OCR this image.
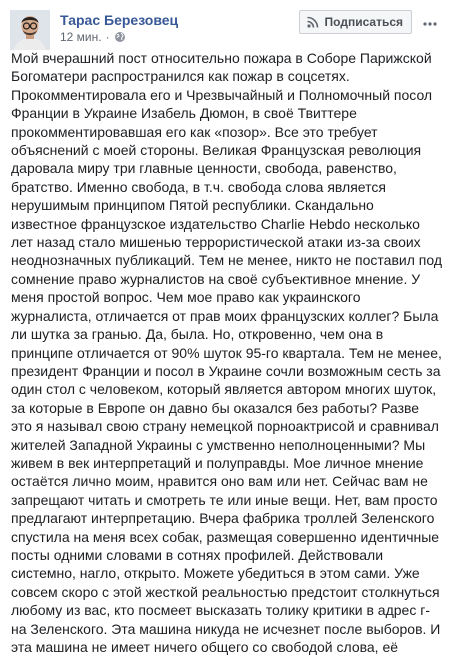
Тарас Березовец
12 мин. ·
Подписаться
Мой вчерашний пост относительно пожара в Соборе Парижской Богоматери распространился как пожар в соцсетях. Прокомментировала его и Чрезвычайный и Полномочный посол Франции в Украине Изабель Дюмон, в своё Твиттере прокомментировавшая его как «позор». Все это требует объяснений с моей стороны. Великая Французская революция даровала миру три главные ценности, свобода, равенство, братство. Именно свобода, в т.ч. свобода слова является нерушимым принципом Пятой республики. Скандально известное французское издательство Charlie Hebdo несколько лет назад стало мишенью террористической атаки из-за своих неоднозначных публикаций. Тем не менее, никто не поставил под сомнение право журналистов на своё субъективное мнение. У меня простой вопрос. Чем мое право как украинского журналиста, отличается от прав моих французских коллег? Была ли шутка за гранью. Да, была. Но, откровенно, чем она в принципе отличается от 90% шуток 95-го квартала. Тем не менее, президент Франции и посол в Украине сочли возможным сесть за один стол с человеком, который является автором многих шуток, за которые в Европе он давно бы оказался без работы? Разве это я называл свою страну немецкой порноактрисой и сравнивал жителей Западной Украины с умственно неполноценными? Мы живем в век интерпретаций и полуправды. Мое личное мнение остаётся лично моим, нравится оно вам или нет. Сейчас вам не запрещают читать и смотреть те или иные вещи. Нет, вам просто предлагают интерпретацию. Вчера фабрика троллей Зеленского спустила на меня всех собак, размещая совершенно идентичные посты одними словами в сотнях профилей. Действовали системно, нагло, открыто. Можете убедиться в этом сами. Уже совсем скоро с этой жесткой реальностью предстоит столкнуться любому из вас, кто посмеет высказать толику критики в адрес г-на Зеленского. Эта машина никуда не исчезнет после выборов. И эта машина не имеет ничего общего со свободой слова, её
